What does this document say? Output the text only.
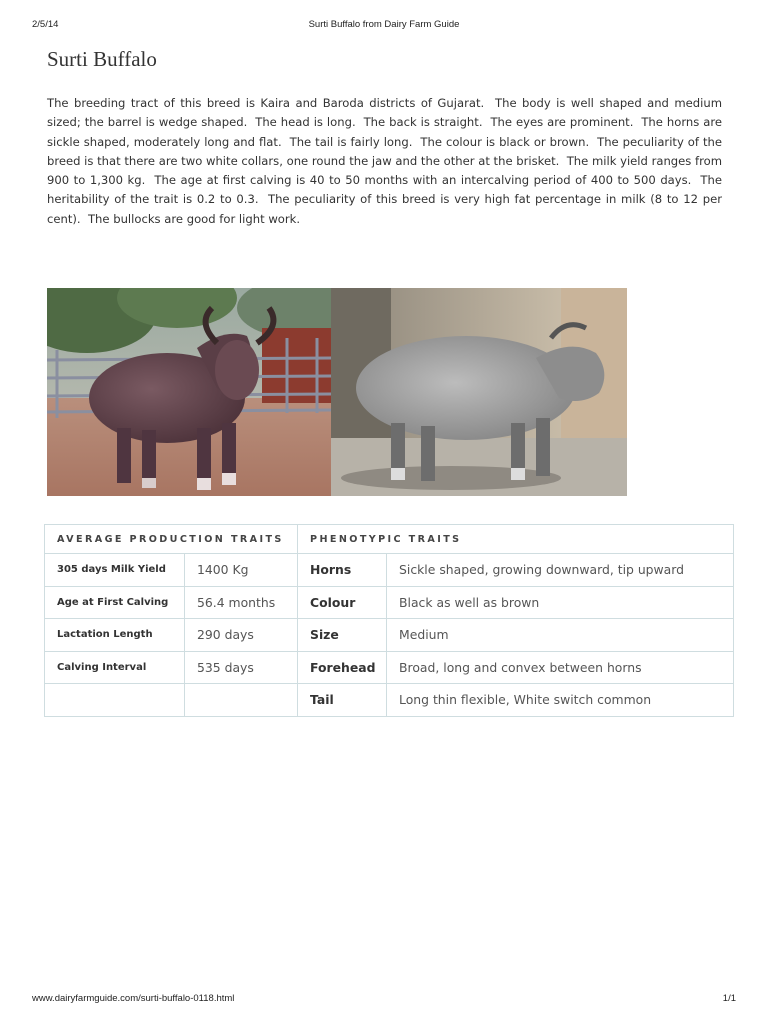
2/5/14	Surti Buffalo from Dairy Farm Guide
Surti Buffalo

The breeding tract of this breed is Kaira and Baroda districts of Gujarat.  The body is well shaped and medium sized; the barrel is wedge shaped.  The head is long.  The back is straight.  The eyes are prominent.  The horns are sickle shaped, moderately long and flat.  The tail is fairly long.  The colour is black or brown.  The peculiarity of the breed is that there are two white collars, one round the jaw and the other at the brisket.  The milk yield ranges from 900 to 1,300 kg.  The age at first calving is 40 to 50 months with an intercalving period of 400 to 500 days.  The heritability of the trait is 0.2 to 0.3.  The peculiarity of this breed is very high fat percentage in milk (8 to 12 per cent).  The bullocks are good for light work.

AVERAGE PRODUCTION TRAITS		PHENOTYPIC TRAITS	
305 days Milk Yield	1400 Kg	Horns	Sickle shaped, growing downward, tip upward
Age at First Calving	56.4 months	Colour	Black as well as brown
Lactation Length	290 days	Size	Medium
Calving Interval	535 days	Forehead	Broad, long and convex between horns
		Tail	Long thin flexible, White switch common
www.dairyfarmguide.com/surti-buffalo-0118.html	1/1
